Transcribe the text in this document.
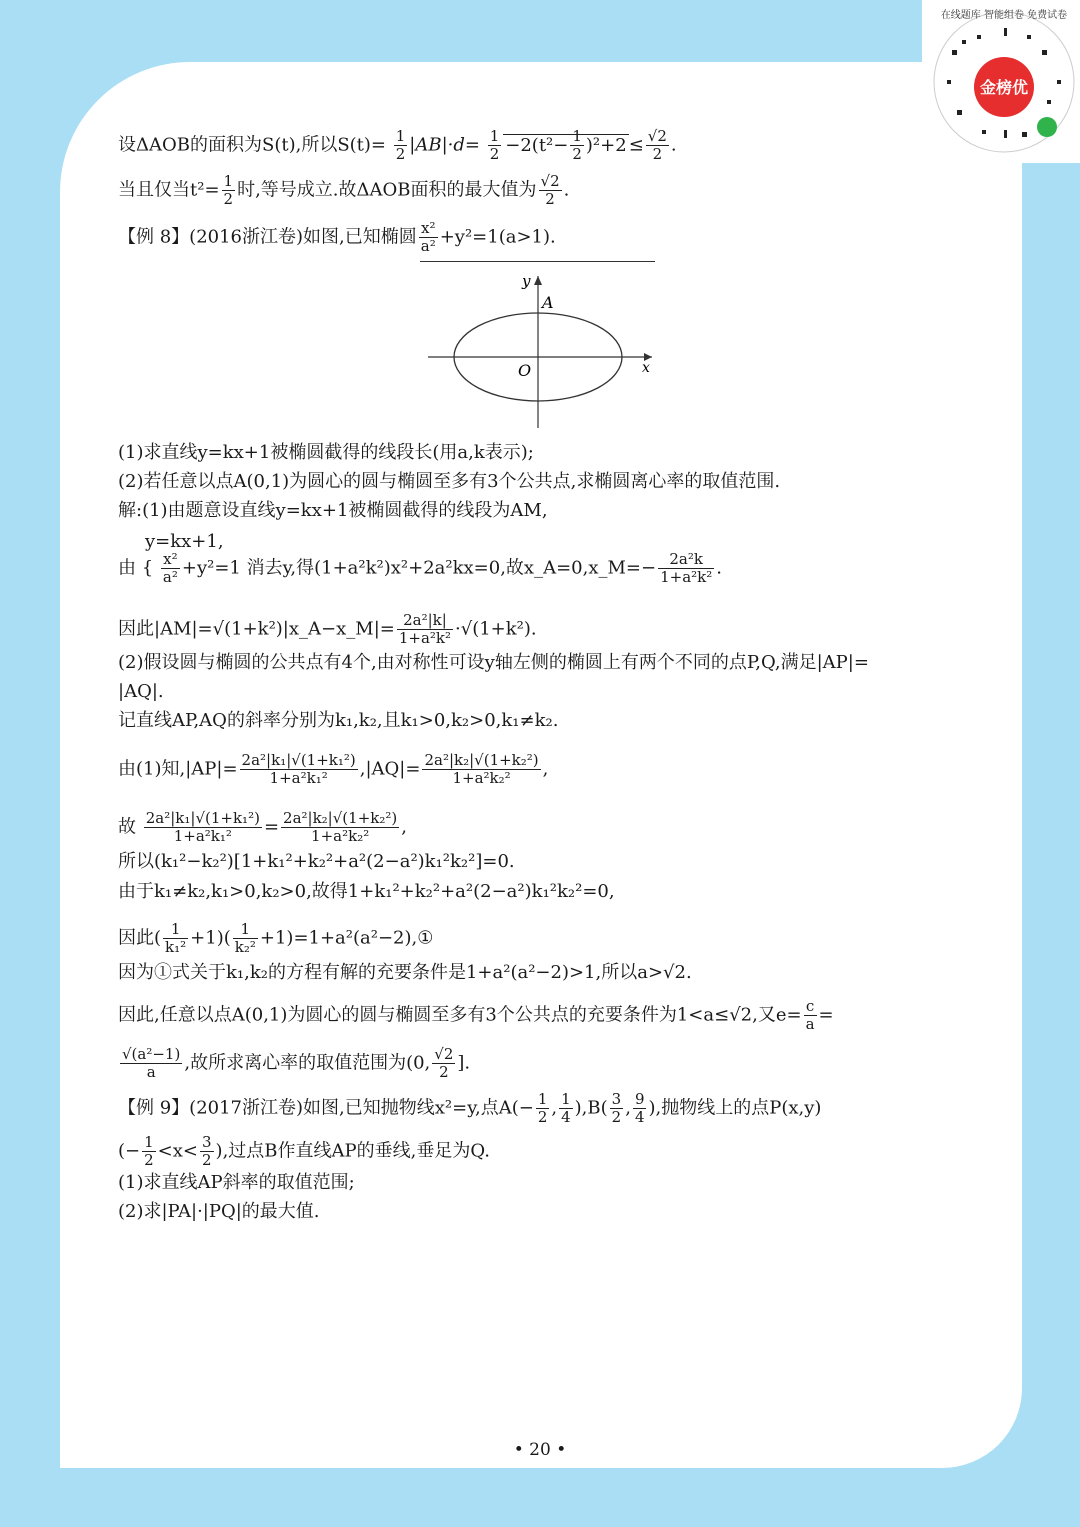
金榜优
在线题库 智能组卷 免费试卷
设ΔAOB的面积为S(t),所以$S(t)= \frac{1}{2} |AB|\cdot d= \frac{1}{2} -2(t^2- \frac{1}{2} )^2+2 \le \frac{√2}{2}$ .
当且仅当$t^2= \frac{1}{2}$ 时,等号成立.故ΔAOB面积的最大值为 $\frac{√2}{2}$ .
【例 8】(2016浙江卷)如图,已知椭圆 $\frac{\text{x²}}{\text{a²}} +y^2=1(a>1)$.
y
A
O	x
(1)求直线y=kx+1被椭圆截得的线段长(用a,k表示);
(2)若任意以点A(0,1)为圆心的圆与椭圆至多有3个公共点,求椭圆离心率的取值范围.
解:(1)由题意设直线y=kx+1被椭圆截得的线段为AM,
y=kx+1,
由 { $\frac{\text{x²}}{\text{a²}} +y^2=1$ 消去y,得(1+a²k²)x²+2a²kx=0,故x_A=0,x_M=− $\frac{\text{2a²k}}{\text{1+a²k²}}$ .
因此|AM|=√(1+k²)|x_A−x_M|= $\frac{\text{2a²|k|}}{\text{1+a²k²}} \cdot√(1+k^2)$.
(2)假设圆与椭圆的公共点有4个,由对称性可设y轴左侧的椭圆上有两个不同的点P,Q,满足|AP|=
|AQ|.
记直线AP,AQ的斜率分别为k₁,k₂,且k₁>0,k₂>0,k₁≠k₂.
由(1)知$,|AP|= \frac{\text{2a²|k₁|√(1+k₁²)}}{\text{1+a²k₁²}} ,|AQ|= \frac{\text{2a²|k₂|√(1+k₂²)}}{\text{1+a²k₂²}}$ ,
故 $\frac{\text{2a²|k₁|√(1+k₁²)}}{\text{1+a²k₁²}} = \frac{\text{2a²|k₂|√(1+k₂²)}}{\text{1+a²k₂²}}$ ,
所以(k₁²−k₂²)[1+k₁²+k₂²+a²(2−a²)k₁²k₂²]=0.
由于k₁≠k₂,k₁>0,k₂>0,故得1+k₁²+k₂²+a²(2−a²)k₁²k₂²=0,
因此( $\frac{1}{\text{k₁²}} +1)( \frac{1}{\text{k₂²}}$ +1)=1+a²(a²−2),①
因为①式关于k₁,k₂的方程有解的充要条件是1+a²(a²−2)>1,所以a>√2.
因此,任意以点A(0,1)为圆心的圆与椭圆至多有3个公共点的充要条件为1<a≤√2,又$e= \frac{c}{a}$ =
$\frac{\text{√(a²−1)}}{a}$ ,故所求离心率的取值范围为(0, $\frac{√2}{2}$ ].
【例 9】(2017浙江卷)如图,已知抛物线x²=y,点$A(- \frac{1}{2}$ , $\frac{1}{4} ),B( \frac{3}{2}$ , $\frac{9}{4}$ ),抛物线上的点P(x,y)
(− $\frac{1}{2} <x< \frac{3}{2}$ ),过点B作直线AP的垂线,垂足为Q.
(1)求直线AP斜率的取值范围;
(2)求|PA|·|PQ|的最大值.
• 20 •
